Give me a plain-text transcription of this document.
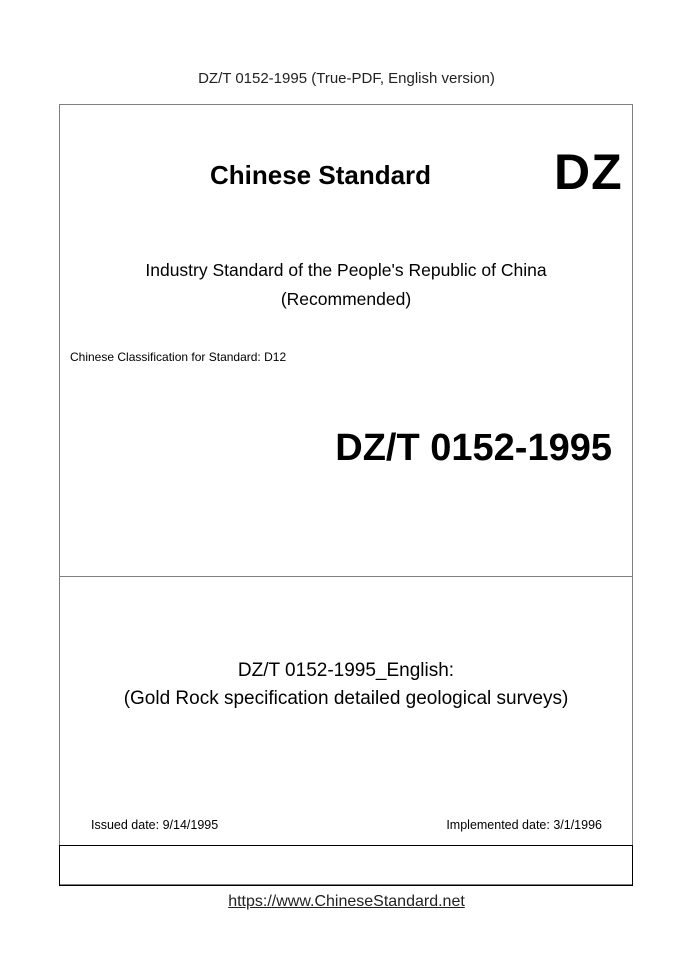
DZ/T 0152-1995 (True-PDF, English version)
Chinese Standard DZ
Industry Standard of the People's Republic of China
(Recommended)
Chinese Classification for Standard: D12
DZ/T 0152-1995
DZ/T 0152-1995_English:
(Gold Rock specification detailed geological surveys)
Issued date: 9/14/1995	Implemented date: 3/1/1996
https://www.ChineseStandard.net
